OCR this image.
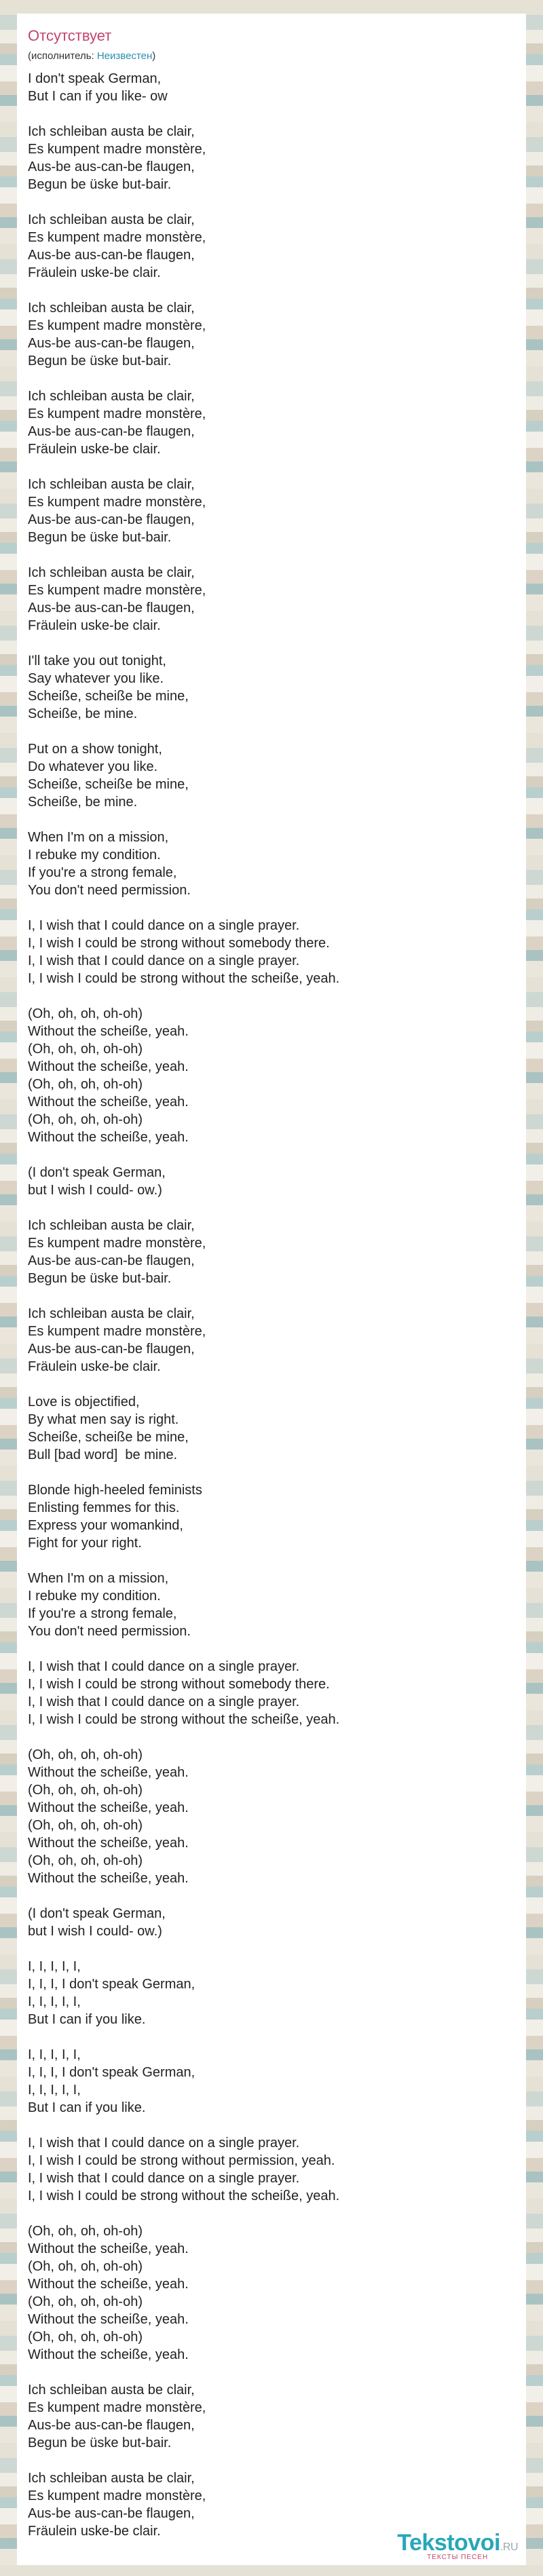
Отсутствует
(исполнитель: Неизвестен)
I don't speak German,
But I can if you like- ow
Ich schleiban austa be clair,
Es kumpent madre monstère,
Aus-be aus-can-be flaugen,
Begun be üske but-bair.
Ich schleiban austa be clair,
Es kumpent madre monstère,
Aus-be aus-can-be flaugen,
Fräulein uske-be clair.
Ich schleiban austa be clair,
Es kumpent madre monstère,
Aus-be aus-can-be flaugen,
Begun be üske but-bair.
Ich schleiban austa be clair,
Es kumpent madre monstère,
Aus-be aus-can-be flaugen,
Fräulein uske-be clair.
Ich schleiban austa be clair,
Es kumpent madre monstère,
Aus-be aus-can-be flaugen,
Begun be üske but-bair.
Ich schleiban austa be clair,
Es kumpent madre monstère,
Aus-be aus-can-be flaugen,
Fräulein uske-be clair.
I'll take you out tonight,
Say whatever you like.
Scheiße, scheiße be mine,
Scheiße, be mine.
Put on a show tonight,
Do whatever you like.
Scheiße, scheiße be mine,
Scheiße, be mine.
When I'm on a mission,
I rebuke my condition.
If you're a strong female,
You don't need permission.
I, I wish that I could dance on a single prayer.
I, I wish I could be strong without somebody there.
I, I wish that I could dance on a single prayer.
I, I wish I could be strong without the scheiße, yeah.
(Oh, oh, oh, oh-oh)
Without the scheiße, yeah.
(Oh, oh, oh, oh-oh)
Without the scheiße, yeah.
(Oh, oh, oh, oh-oh)
Without the scheiße, yeah.
(Oh, oh, oh, oh-oh)
Without the scheiße, yeah.
(I don't speak German,
but I wish I could- ow.)
Ich schleiban austa be clair,
Es kumpent madre monstère,
Aus-be aus-can-be flaugen,
Begun be üske but-bair.
Ich schleiban austa be clair,
Es kumpent madre monstère,
Aus-be aus-can-be flaugen,
Fräulein uske-be clair.
Love is objectified,
By what men say is right.
Scheiße, scheiße be mine,
Bull [bad word]  be mine.
Blonde high-heeled feminists
Enlisting femmes for this.
Express your womankind,
Fight for your right.
When I'm on a mission,
I rebuke my condition.
If you're a strong female,
You don't need permission.
I, I wish that I could dance on a single prayer.
I, I wish I could be strong without somebody there.
I, I wish that I could dance on a single prayer.
I, I wish I could be strong without the scheiße, yeah.
(Oh, oh, oh, oh-oh)
Without the scheiße, yeah.
(Oh, oh, oh, oh-oh)
Without the scheiße, yeah.
(Oh, oh, oh, oh-oh)
Without the scheiße, yeah.
(Oh, oh, oh, oh-oh)
Without the scheiße, yeah.
(I don't speak German,
but I wish I could- ow.)
I, I, I, I, I,
I, I, I, I don't speak German,
I, I, I, I, I,
But I can if you like.
I, I, I, I, I,
I, I, I, I don't speak German,
I, I, I, I, I,
But I can if you like.
I, I wish that I could dance on a single prayer.
I, I wish I could be strong without permission, yeah.
I, I wish that I could dance on a single prayer.
I, I wish I could be strong without the scheiße, yeah.
(Oh, oh, oh, oh-oh)
Without the scheiße, yeah.
(Oh, oh, oh, oh-oh)
Without the scheiße, yeah.
(Oh, oh, oh, oh-oh)
Without the scheiße, yeah.
(Oh, oh, oh, oh-oh)
Without the scheiße, yeah.
Ich schleiban austa be clair,
Es kumpent madre monstère,
Aus-be aus-can-be flaugen,
Begun be üske but-bair.
Ich schleiban austa be clair,
Es kumpent madre monstère,
Aus-be aus-can-be flaugen,
Fräulein uske-be clair.	Tekstovoi.RU
ТЕКСТЫ ПЕСЕН
